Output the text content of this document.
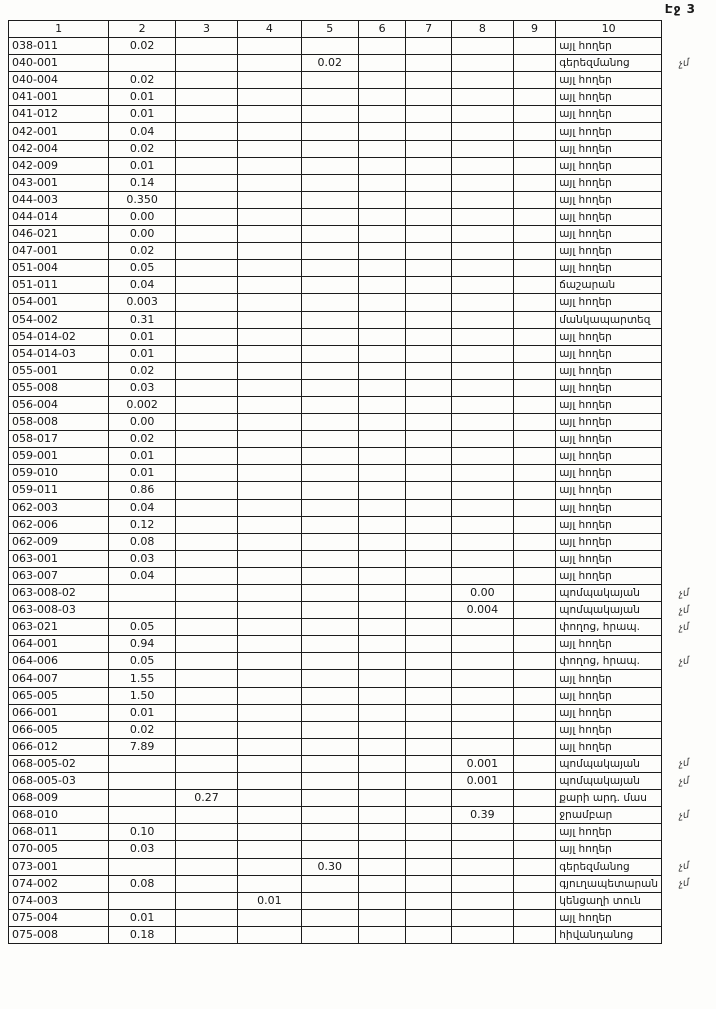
Էջ 3
1	2	3	4	5	6	7	8	9	10	
038-011	0.02								այլ հողեր	
040-001				0.02					գերեզմանոց	չմ
040-004	0.02								այլ հողեր	
041-001	0.01								այլ հողեր	
041-012	0.01								այլ հողեր	
042-001	0.04								այլ հողեր	
042-004	0.02								այլ հողեր	
042-009	0.01								այլ հողեր	
043-001	0.14								այլ հողեր	
044-003	0.350								այլ հողեր	
044-014	0.00								այլ հողեր	
046-021	0.00								այլ հողեր	
047-001	0.02								այլ հողեր	
051-004	0.05								այլ հողեր	
051-011	0.04								ճաշարան	
054-001	0.003								այլ հողեր	
054-002	0.31								մանկապարտեզ	
054-014-02	0.01								այլ հողեր	
054-014-03	0.01								այլ հողեր	
055-001	0.02								այլ հողեր	
055-008	0.03								այլ հողեր	
056-004	0.002								այլ հողեր	
058-008	0.00								այլ հողեր	
058-017	0.02								այլ հողեր	
059-001	0.01								այլ հողեր	
059-010	0.01								այլ հողեր	
059-011	0.86								այլ հողեր	
062-003	0.04								այլ հողեր	
062-006	0.12								այլ հողեր	
062-009	0.08								այլ հողեր	
063-001	0.03								այլ հողեր	
063-007	0.04								այլ հողեր	
063-008-02							0.00		պոմպակայան	չմ
063-008-03							0.004		պոմպակայան	չմ
063-021	0.05								փողոց, հրապ.	չմ
064-001	0.94								այլ հողեր	
064-006	0.05								փողոց, հրապ.	չմ
064-007	1.55								այլ հողեր	
065-005	1.50								այլ հողեր	
066-001	0.01								այլ հողեր	
066-005	0.02								այլ հողեր	
066-012	7.89								այլ հողեր	
068-005-02							0.001		պոմպակայան	չմ
068-005-03							0.001		պոմպակայան	չմ
068-009		0.27							քարի արդ. մաս	
068-010							0.39		ջրամբար	չմ
068-011	0.10								այլ հողեր	
070-005	0.03								այլ հողեր	
073-001				0.30					գերեզմանոց	չմ
074-002	0.08								գյուղապետարան	չմ
074-003			0.01						կենցաղի տուն	
075-004	0.01								այլ հողեր	
075-008	0.18								հիվանդանոց	
